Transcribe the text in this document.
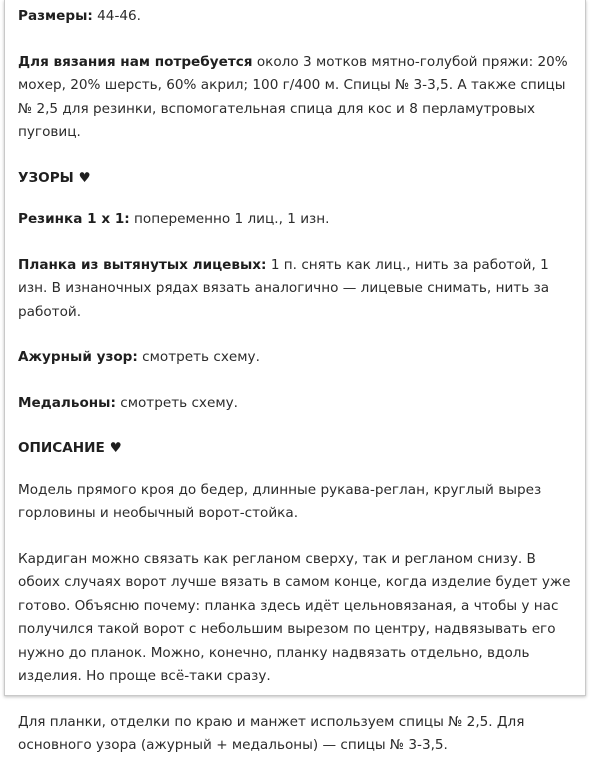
Размеры: 44-46.

Для вязания нам потребуется около 3 мотков мятно-голубой пряжи: 20% мохер, 20% шерсть, 60% акрил; 100 г/400 м. Спицы № 3-3,5. А также спицы № 2,5 для резинки, вспомогательная спица для кос и 8 перламутровых пуговиц.

УЗОРЫ ♥

Резинка 1 х 1: попеременно 1 лиц., 1 изн.

Планка из вытянутых лицевых: 1 п. снять как лиц., нить за работой, 1 изн. В изнаночных рядах вязать аналогично — лицевые снимать, нить за работой.

Ажурный узор: смотреть схему.

Медальоны: смотреть схему.

ОПИСАНИЕ ♥

Модель прямого кроя до бедер, длинные рукава-реглан, круглый вырез горловины и необычный ворот-стойка.

Кардиган можно связать как регланом сверху, так и регланом снизу. В обоих случаях ворот лучше вязать в самом конце, когда изделие будет уже готово. Объясню почему: планка здесь идёт цельновязаная, а чтобы у нас получился такой ворот с небольшим вырезом по центру, надвязывать его нужно до планок. Можно, конечно, планку надвязать отдельно, вдоль изделия. Но проще всё-таки сразу.

Для планки, отделки по краю и манжет используем спицы № 2,5. Для основного узора (ажурный + медальоны) — спицы № 3-3,5.
